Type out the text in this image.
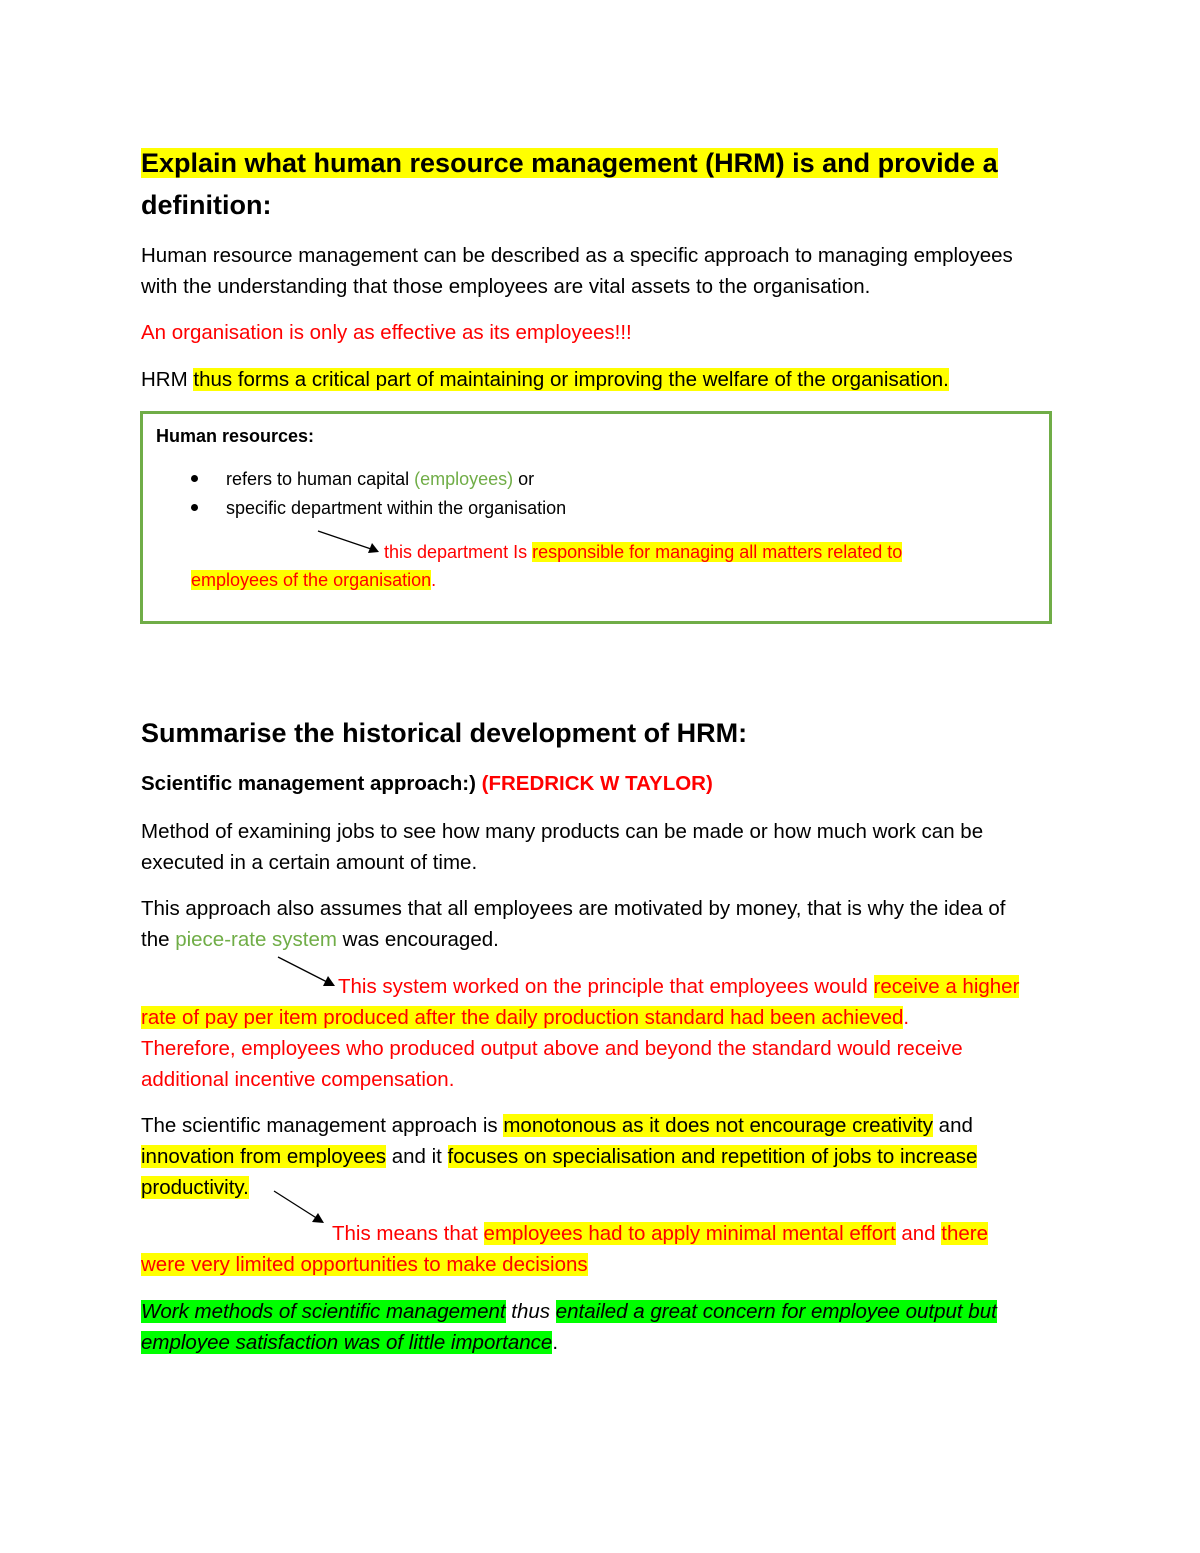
Explain what human resource management (HRM) is and provide a
definition:
Human resource management can be described as a specific approach to managing employees
with the understanding that those employees are vital assets to the organisation.
An organisation is only as effective as its employees!!!
HRM thus forms a critical part of maintaining or improving the welfare of the organisation.
Human resources:
refers to human capital (employees) or
specific department within the organisation
this department Is responsible for managing all matters related to
employees of the organisation.
Summarise the historical development of HRM:
Scientific management approach:) (FREDRICK W TAYLOR)
Method of examining jobs to see how many products can be made or how much work can be
executed in a certain amount of time.
This approach also assumes that all employees are motivated by money, that is why the idea of
the piece-rate system was encouraged.
This system worked on the principle that employees would receive a higher
rate of pay per item produced after the daily production standard had been achieved.
Therefore, employees who produced output above and beyond the standard would receive
additional incentive compensation.
The scientific management approach is monotonous as it does not encourage creativity and
innovation from employees and it focuses on specialisation and repetition of jobs to increase
productivity.
This means that employees had to apply minimal mental effort and there
were very limited opportunities to make decisions
Work methods of scientific management thus entailed a great concern for employee output but
employee satisfaction was of little importance.
